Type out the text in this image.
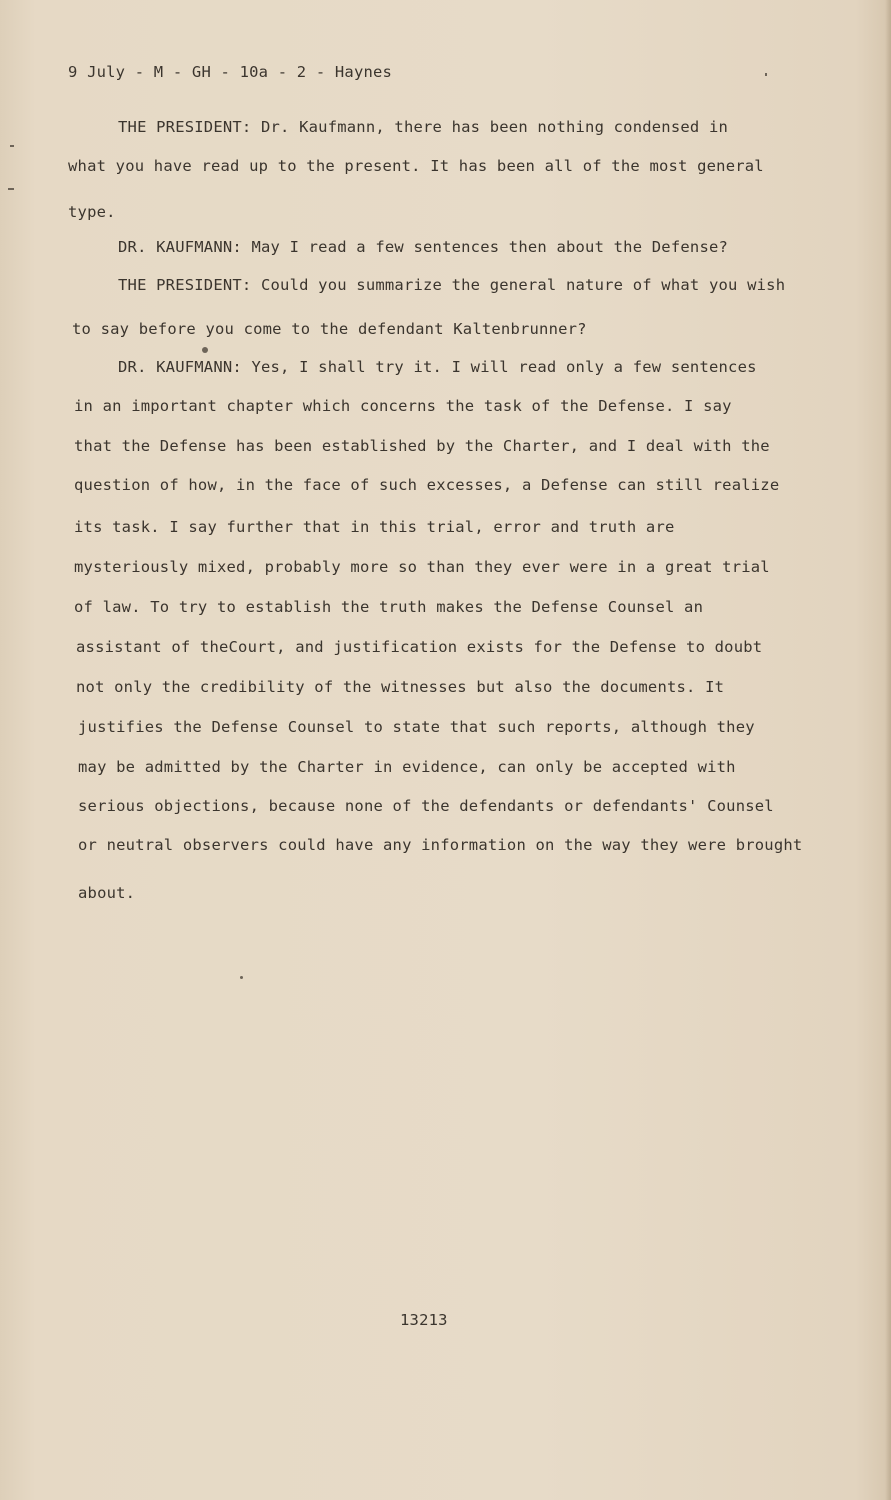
9 July - M - GH - 10a - 2 - Haynes
THE PRESIDENT: Dr. Kaufmann, there has been nothing condensed in
what you have read up to the present. It has been all of the most general
type.
DR. KAUFMANN: May I read a few sentences then about the Defense?
THE PRESIDENT: Could you summarize the general nature of what you wish
to say before you come to the defendant Kaltenbrunner?
DR. KAUFMANN: Yes, I shall try it. I will read only a few sentences
in an important chapter which concerns the task of the Defense. I say
that the Defense has been established by the Charter, and I deal with the
question of how, in the face of such excesses, a Defense can still realize
its task. I say further that in this trial, error and truth are
mysteriously mixed, probably more so than they ever were in a great trial
of law. To try to establish the truth makes the Defense Counsel an
assistant of theCourt, and justification exists for the Defense to doubt
not only the credibility of the witnesses but also the documents. It
justifies the Defense Counsel to state that such reports, although they
may be admitted by the Charter in evidence, can only be accepted with
serious objections, because none of the defendants or defendants' Counsel
or neutral observers could have any information on the way they were brought
about.
13213
